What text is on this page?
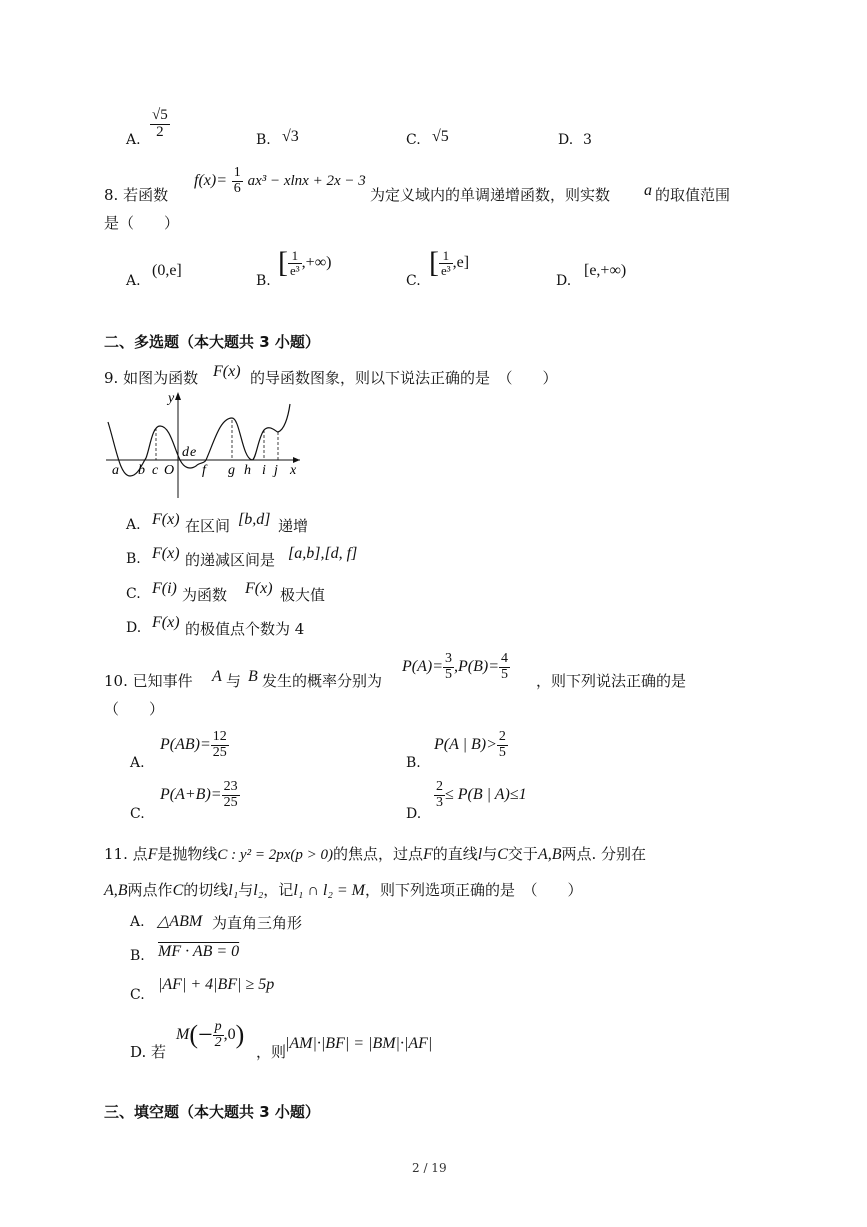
A. $\frac{√5}{2}$	B. √3	C. √5	D. 3
8. 若函数
$f(x)= \frac{1}{6} ax^3 - xlnx + 2x - 3$
为定义域内的单调递增函数，则实数 a 的取值范围
是（　　）
A.
(0,e]
B.
[ $\frac{1}{\text{e³}}$ ,+∞)
C.
[ $\frac{1}{\text{e³}} ,e$]
D.
[e,+∞)
二、多选题（本大题共 3 小题）
9. 如图为函数 F(x) 的导函数图象，则以下说法正确的是　（　　）
a b c O
d e
f g h i j x
y
A. F(x) 在区间 [b,d] 递增
B. F(x) 的递减区间是 [a,b],[d, f]
C. F(i) 为函数 F(x) 极大值
D. F(x) 的极值点个数为 4
10. 已知事件 A 与 B 发生的概率分别为
$P(A)= \frac{3}{5} ,P(B)= \frac{4}{5}$ ，则下列说法正确的是
（　　）
A.
$P(AB)= \frac{12}{25}$
B.
P(A | $B)> \frac{2}{5}$
C.
$P(A+B)= \frac{23}{25}$
D.
$\frac{2}{3} \le P(B$ | A)≤1
11. 点F是抛物线C : y² = 2px(p > 0)的焦点，过点F的直线l与C交于A,B两点. 分别在
A,B两点作C的切线l₁与l₂，记l₁ ∩ l₂ = M，则下列选项正确的是　（　　）
A. △ABM 为直角三角形
B. MF · AB = 0
C.
|AF| + 4|BF| ≥ 5p
D. 若
$M(- \frac{p}{2} ,0)$
，则
|AM|·|BF| = |BM|·|AF|
三、填空题（本大题共 3 小题）
2 / 19
